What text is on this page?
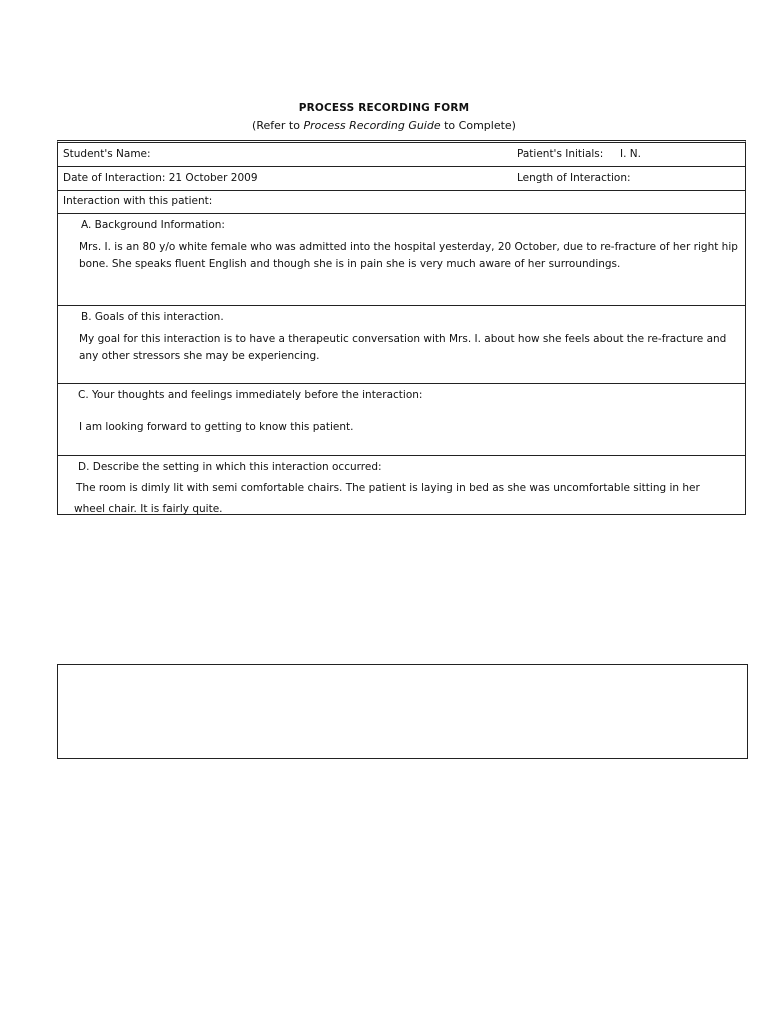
PROCESS RECORDING FORM
(Refer to Process Recording Guide to Complete)
Student's Name:	Patient's Initials: I. N.
Date of Interaction: 21 October 2009	Length of Interaction:
Interaction with this patient:
A. Background Information:
Mrs. I. is an 80 y/o white female who was admitted into the hospital yesterday, 20 October, due to re-fracture of her right hip bone. She speaks fluent English and though she is in pain she is very much aware of her surroundings.
B. Goals of this interaction.
My goal for this interaction is to have a therapeutic conversation with Mrs. I. about how she feels about the re-fracture and any other stressors she may be experiencing.
C. Your thoughts and feelings immediately before the interaction:
I am looking forward to getting to know this patient.
D. Describe the setting in which this interaction occurred:
The room is dimly lit with semi comfortable chairs. The patient is laying in bed as she was uncomfortable sitting in her
wheel chair. It is fairly quite.
